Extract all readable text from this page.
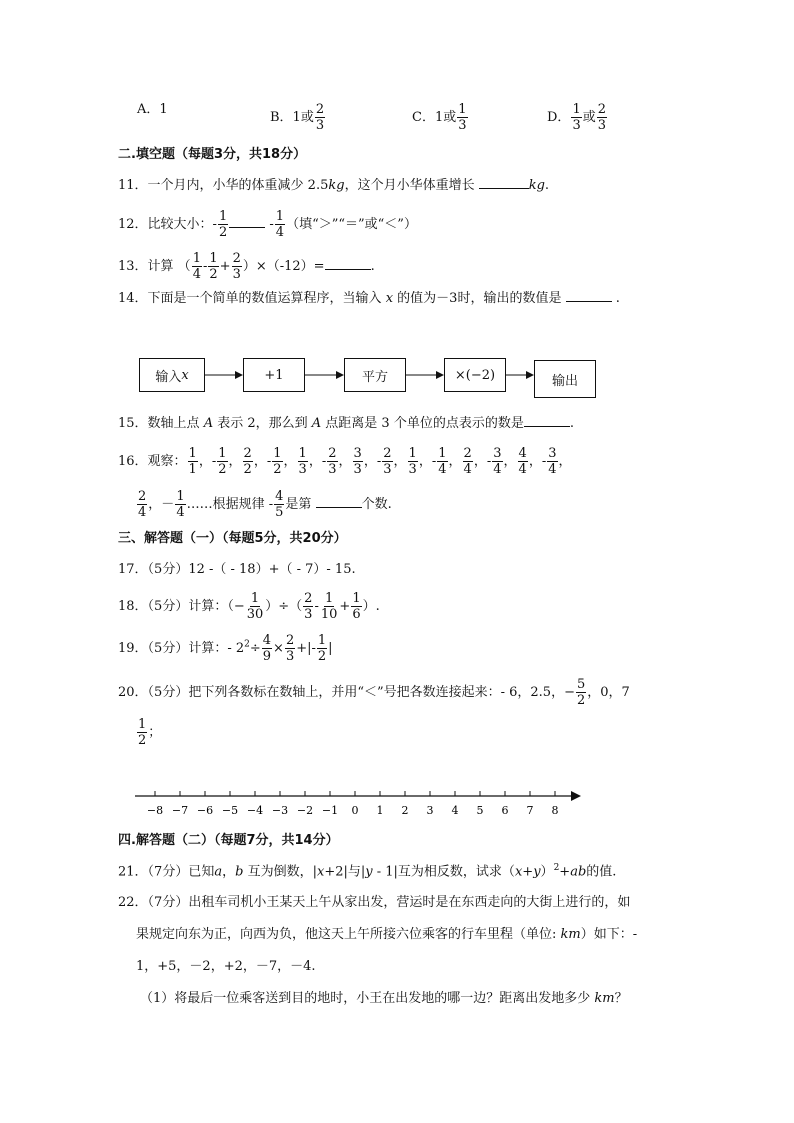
A．1
B．1或 $\frac{2}{3}$	C．1或 $\frac{1}{3}$	D． $\frac{1}{3}$ 或 $\frac{2}{3}$
二.填空题（每题3分，共18分）
11．一个月内，小华的体重减少 2.5kg，这个月小华体重增长	kg.
12．比较大小：- $\frac{1}{2}$	- $\frac{1}{4}$ （填“＞”“＝”或“＜”）
13．计算 （ $\frac{1}{4} - \frac{1}{2} + \frac{2}{3} )\times(-12)=$	.
14．下面是一个简单的数值运算程序，当输入 x 的值为－3时，输出的数值是	.
输入 x	+1	平方	×(−2)	输出
15．数轴上点 A 表示 2，那么到 A 点距离是 3 个单位的点表示的数是	.
16．观察： $\frac{1}{1}$ ，- $\frac{1}{2}$ ， $\frac{2}{2}$ ，- $\frac{1}{2}$ ， $\frac{1}{3}$ ，- $\frac{2}{3}$ ， $\frac{3}{3}$ ，- $\frac{2}{3}$ ， $\frac{1}{3}$ ，- $\frac{1}{4}$ ， $\frac{2}{4}$ ，- $\frac{3}{4}$ ， $\frac{4}{4}$ ，- $\frac{3}{4}$ ，
$\frac{2}{4}$ ，－ $\frac{1}{4}$ ……根据规律 - $\frac{4}{5}$ 是第	个数.
三、解答题（一）（每题5分，共20分）
17．（5分）12 -（ - 18）+（ - 7）- 15.
18．（5分）计算：（− $\frac{1}{30}$ ）÷（ $\frac{2}{3} - \frac{1}{10} + \frac{1}{6}$ ）.
19．（5分）计算：- $2^2\div \frac{4}{9} \times \frac{2}{3}$ +|- $\frac{1}{2}$ |
20．（5分）把下列各数标在数轴上，并用“＜”号把各数连接起来：- 6，2.5，− $\frac{5}{2}$ ，0，7
$\frac{1}{2}$ ；
−8 −7 −6 −5 −4 −3 −2 −1 0 1 2 3 4 5 6 7 8
四.解答题（二）（每题7分，共14分）
21．（7分）已知a，b 互为倒数，|x+2|与|y - 1|互为相反数，试求$(x+y)^2+ab$的值.
22．（7分）出租车司机小王某天上午从家出发，营运时是在东西走向的大街上进行的，如
果规定向东为正，向西为负，他这天上午所接六位乘客的行车里程（单位: km）如下：-
1，+5，－2，+2，－7，－4.
（1）将最后一位乘客送到目的地时，小王在出发地的哪一边？距离出发地多少 km？
